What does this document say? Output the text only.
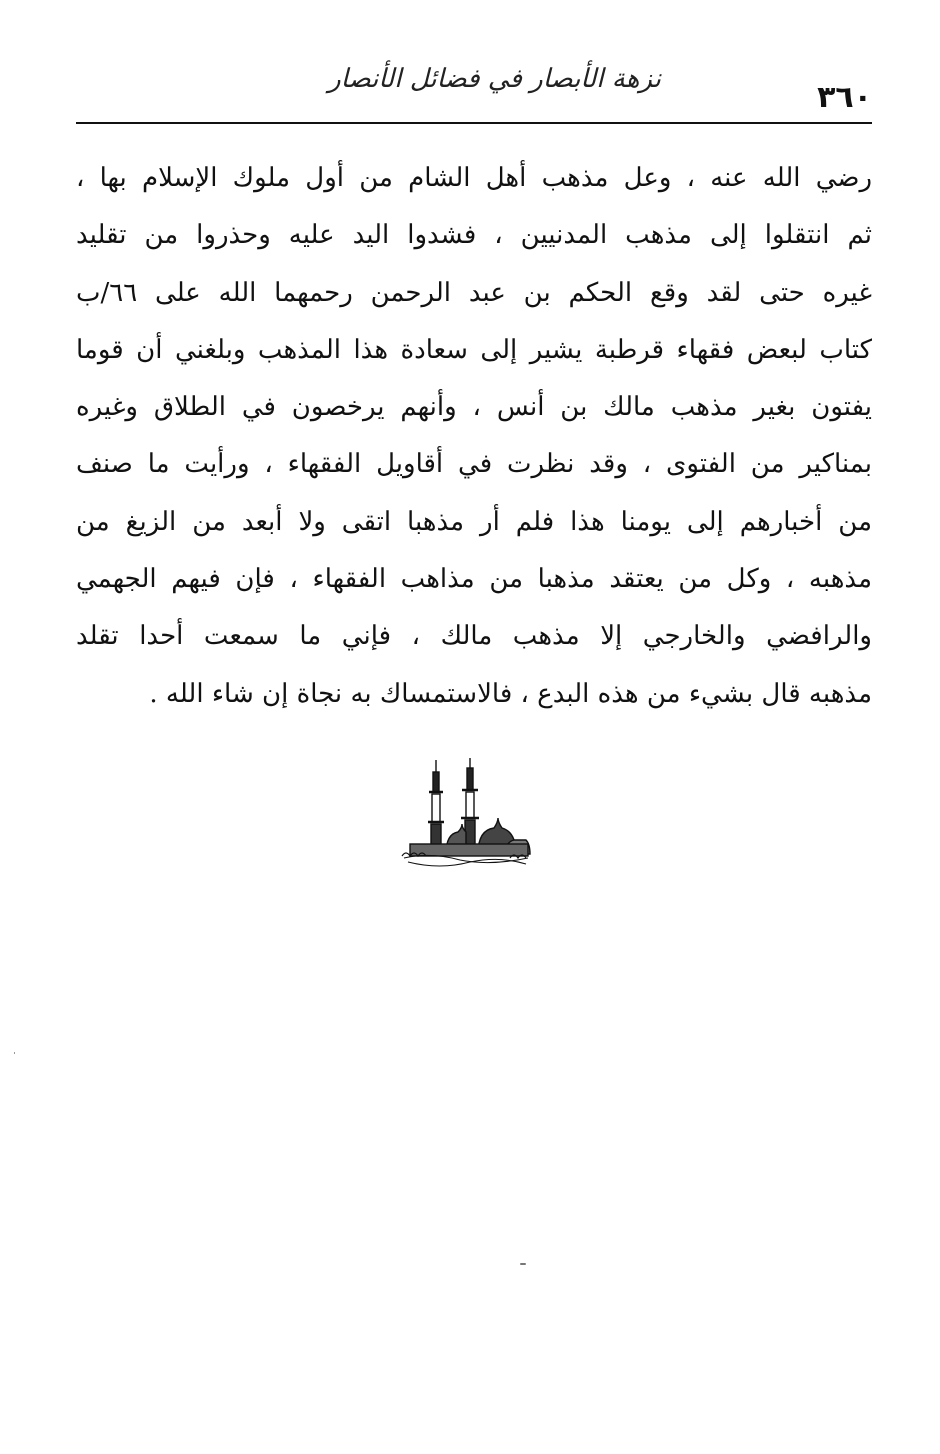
٣٦٠
نزهة الأبصار في فضائل الأنصار
رضي الله عنه ، وعل مذهب أهل الشام من أول ملوك الإسلام بها ،
ثم انتقلوا إلى مذهب المدنيين ، فشدوا اليد عليه وحذروا من تقليد
غيره حتى لقد وقع الحكم بن عبد الرحمن رحمهما الله على ٦٦/ب
كتاب لبعض فقهاء قرطبة يشير إلى سعادة هذا المذهب وبلغني أن قوما
يفتون بغير مذهب مالك بن أنس ، وأنهم يرخصون في الطلاق وغيره
بمناكير من الفتوى ، وقد نظرت في أقاويل الفقهاء ، ورأيت ما صنف
من أخبارهم إلى يومنا هذا فلم أر مذهبا اتقى ولا أبعد من الزيغ من
مذهبه ، وكل من يعتقد مذهبا من مذاهب الفقهاء ، فإن فيهم الجهمي
والرافضي والخارجي إلا مذهب مالك ، فإني ما سمعت أحدا تقلد
مذهبه قال بشيء من هذه البدع ، فالاستمساك به نجاة إن شاء الله .
